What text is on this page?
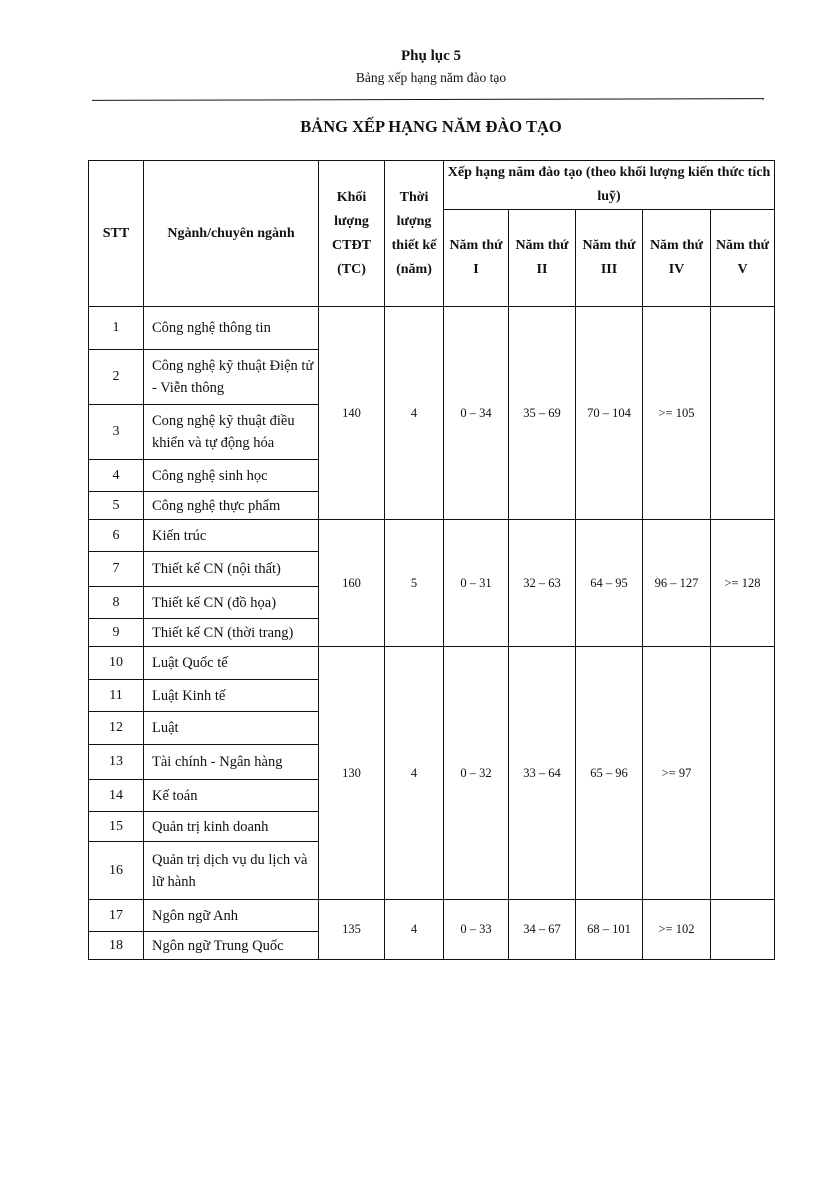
Phụ lục 5
Bảng xếp hạng năm đào tạo
BẢNG XẾP HẠNG NĂM ĐÀO TẠO
STT	Ngành/chuyên ngành	Khối lượng CTĐT (TC)	Thời lượng thiết kế (năm)	Xếp hạng năm đào tạo (theo khối lượng kiến thức tích luỹ)				
				Năm thứ I	Năm thứ II	Năm thứ III	Năm thứ IV	Năm thứ V
1	Công nghệ thông tin	140	4	0 – 34	35 – 69	70 – 104	>= 105	
2	Công nghệ kỹ thuật Điện tử - Viễn thông							
3	Cong nghệ kỹ thuật điều khiển và tự động hóa							
4	Công nghệ sinh học							
5	Công nghệ thực phẩm							
6	Kiến trúc	160	5	0 – 31	32 – 63	64 – 95	96 – 127	>= 128
7	Thiết kế CN (nội thất)							
8	Thiết kế CN (đồ họa)							
9	Thiết kế CN (thời trang)							
10	Luật Quốc tế	130	4	0 – 32	33 – 64	65 – 96	>= 97	
11	Luật Kinh tế							
12	Luật							
13	Tài chính - Ngân hàng							
14	Kế toán							
15	Quản trị kinh doanh							
16	Quản trị dịch vụ du lịch và lữ hành							
17	Ngôn ngữ Anh	135	4	0 – 33	34 – 67	68 – 101	>= 102	
18	Ngôn ngữ Trung Quốc							
